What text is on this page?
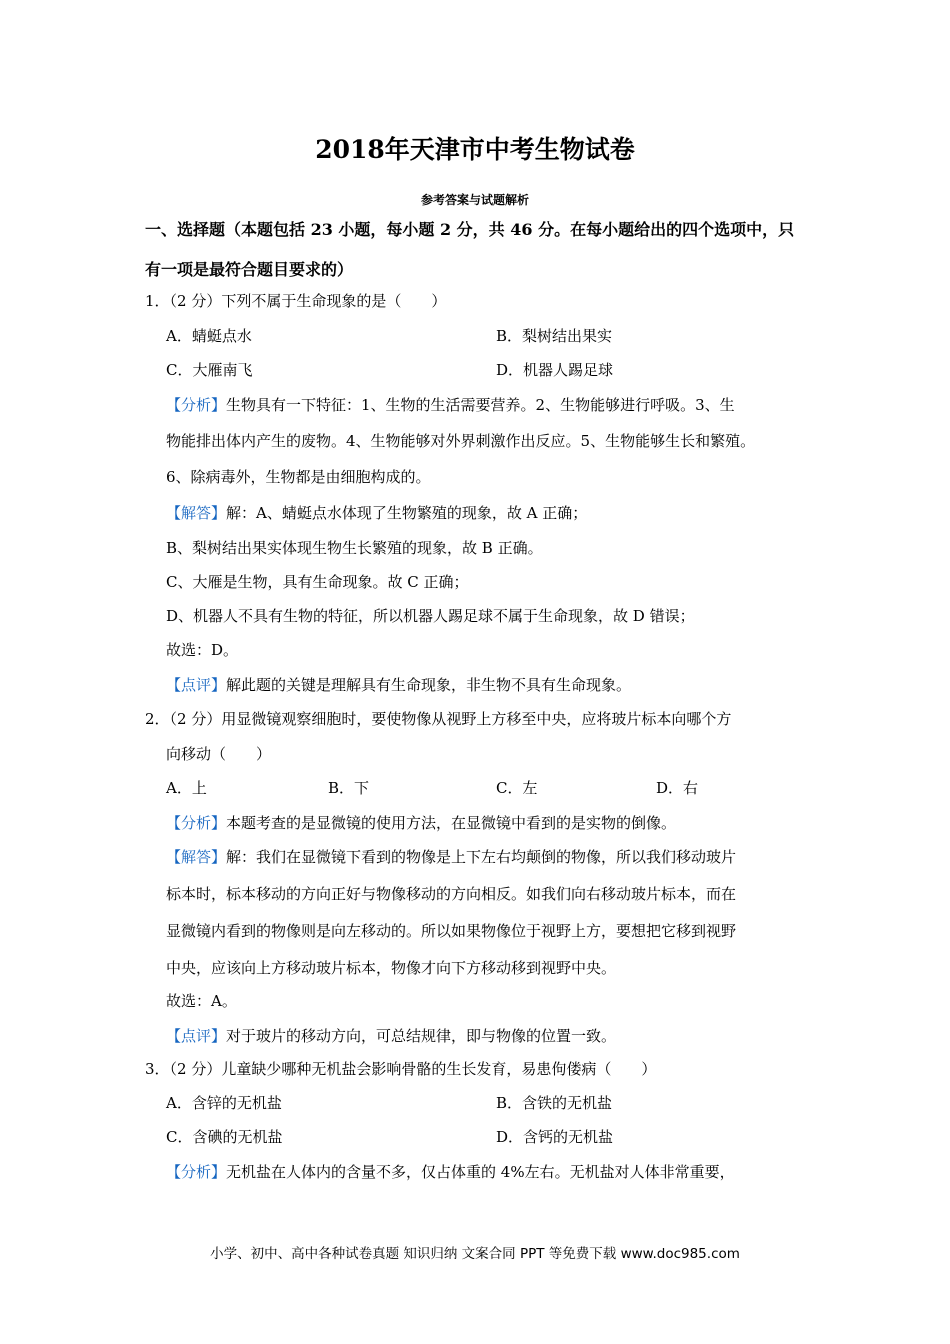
2018年天津市中考生物试卷
参考答案与试题解析
一、选择题（本题包括 23 小题，每小题 2 分，共 46 分。在每小题给出的四个选项中，只
有一项是最符合题目要求的）
1．（2 分）下列不属于生命现象的是（　　）
A．蜻蜓点水	B．梨树结出果实
C．大雁南飞	D．机器人踢足球
【分析】生物具有一下特征：1、生物的生活需要营养。2、生物能够进行呼吸。3、生
物能排出体内产生的废物。4、生物能够对外界刺激作出反应。5、生物能够生长和繁殖。
6、除病毒外，生物都是由细胞构成的。
【解答】解：A、蜻蜓点水体现了生物繁殖的现象，故 A 正确；
B、梨树结出果实体现生物生长繁殖的现象，故 B 正确。
C、大雁是生物，具有生命现象。故 C 正确；
D、机器人不具有生物的特征，所以机器人踢足球不属于生命现象，故 D 错误；
故选：D。
【点评】解此题的关键是理解具有生命现象，非生物不具有生命现象。
2．（2 分）用显微镜观察细胞时，要使物像从视野上方移至中央，应将玻片标本向哪个方
向移动（　　）
A．上	B．下	C．左	D．右
【分析】本题考查的是显微镜的使用方法，在显微镜中看到的是实物的倒像。
【解答】解：我们在显微镜下看到的物像是上下左右均颠倒的物像，所以我们移动玻片
标本时，标本移动的方向正好与物像移动的方向相反。如我们向右移动玻片标本，而在
显微镜内看到的物像则是向左移动的。所以如果物像位于视野上方，要想把它移到视野
中央，应该向上方移动玻片标本，物像才向下方移动移到视野中央。
故选：A。
【点评】对于玻片的移动方向，可总结规律，即与物像的位置一致。
3．（2 分）儿童缺少哪种无机盐会影响骨骼的生长发育，易患佝偻病（　　）
A．含锌的无机盐	B．含铁的无机盐
C．含碘的无机盐	D．含钙的无机盐
【分析】无机盐在人体内的含量不多，仅占体重的 4%左右。无机盐对人体非常重要，
小学、初中、高中各种试卷真题 知识归纳 文案合同 PPT 等免费下载 www.doc985.com
